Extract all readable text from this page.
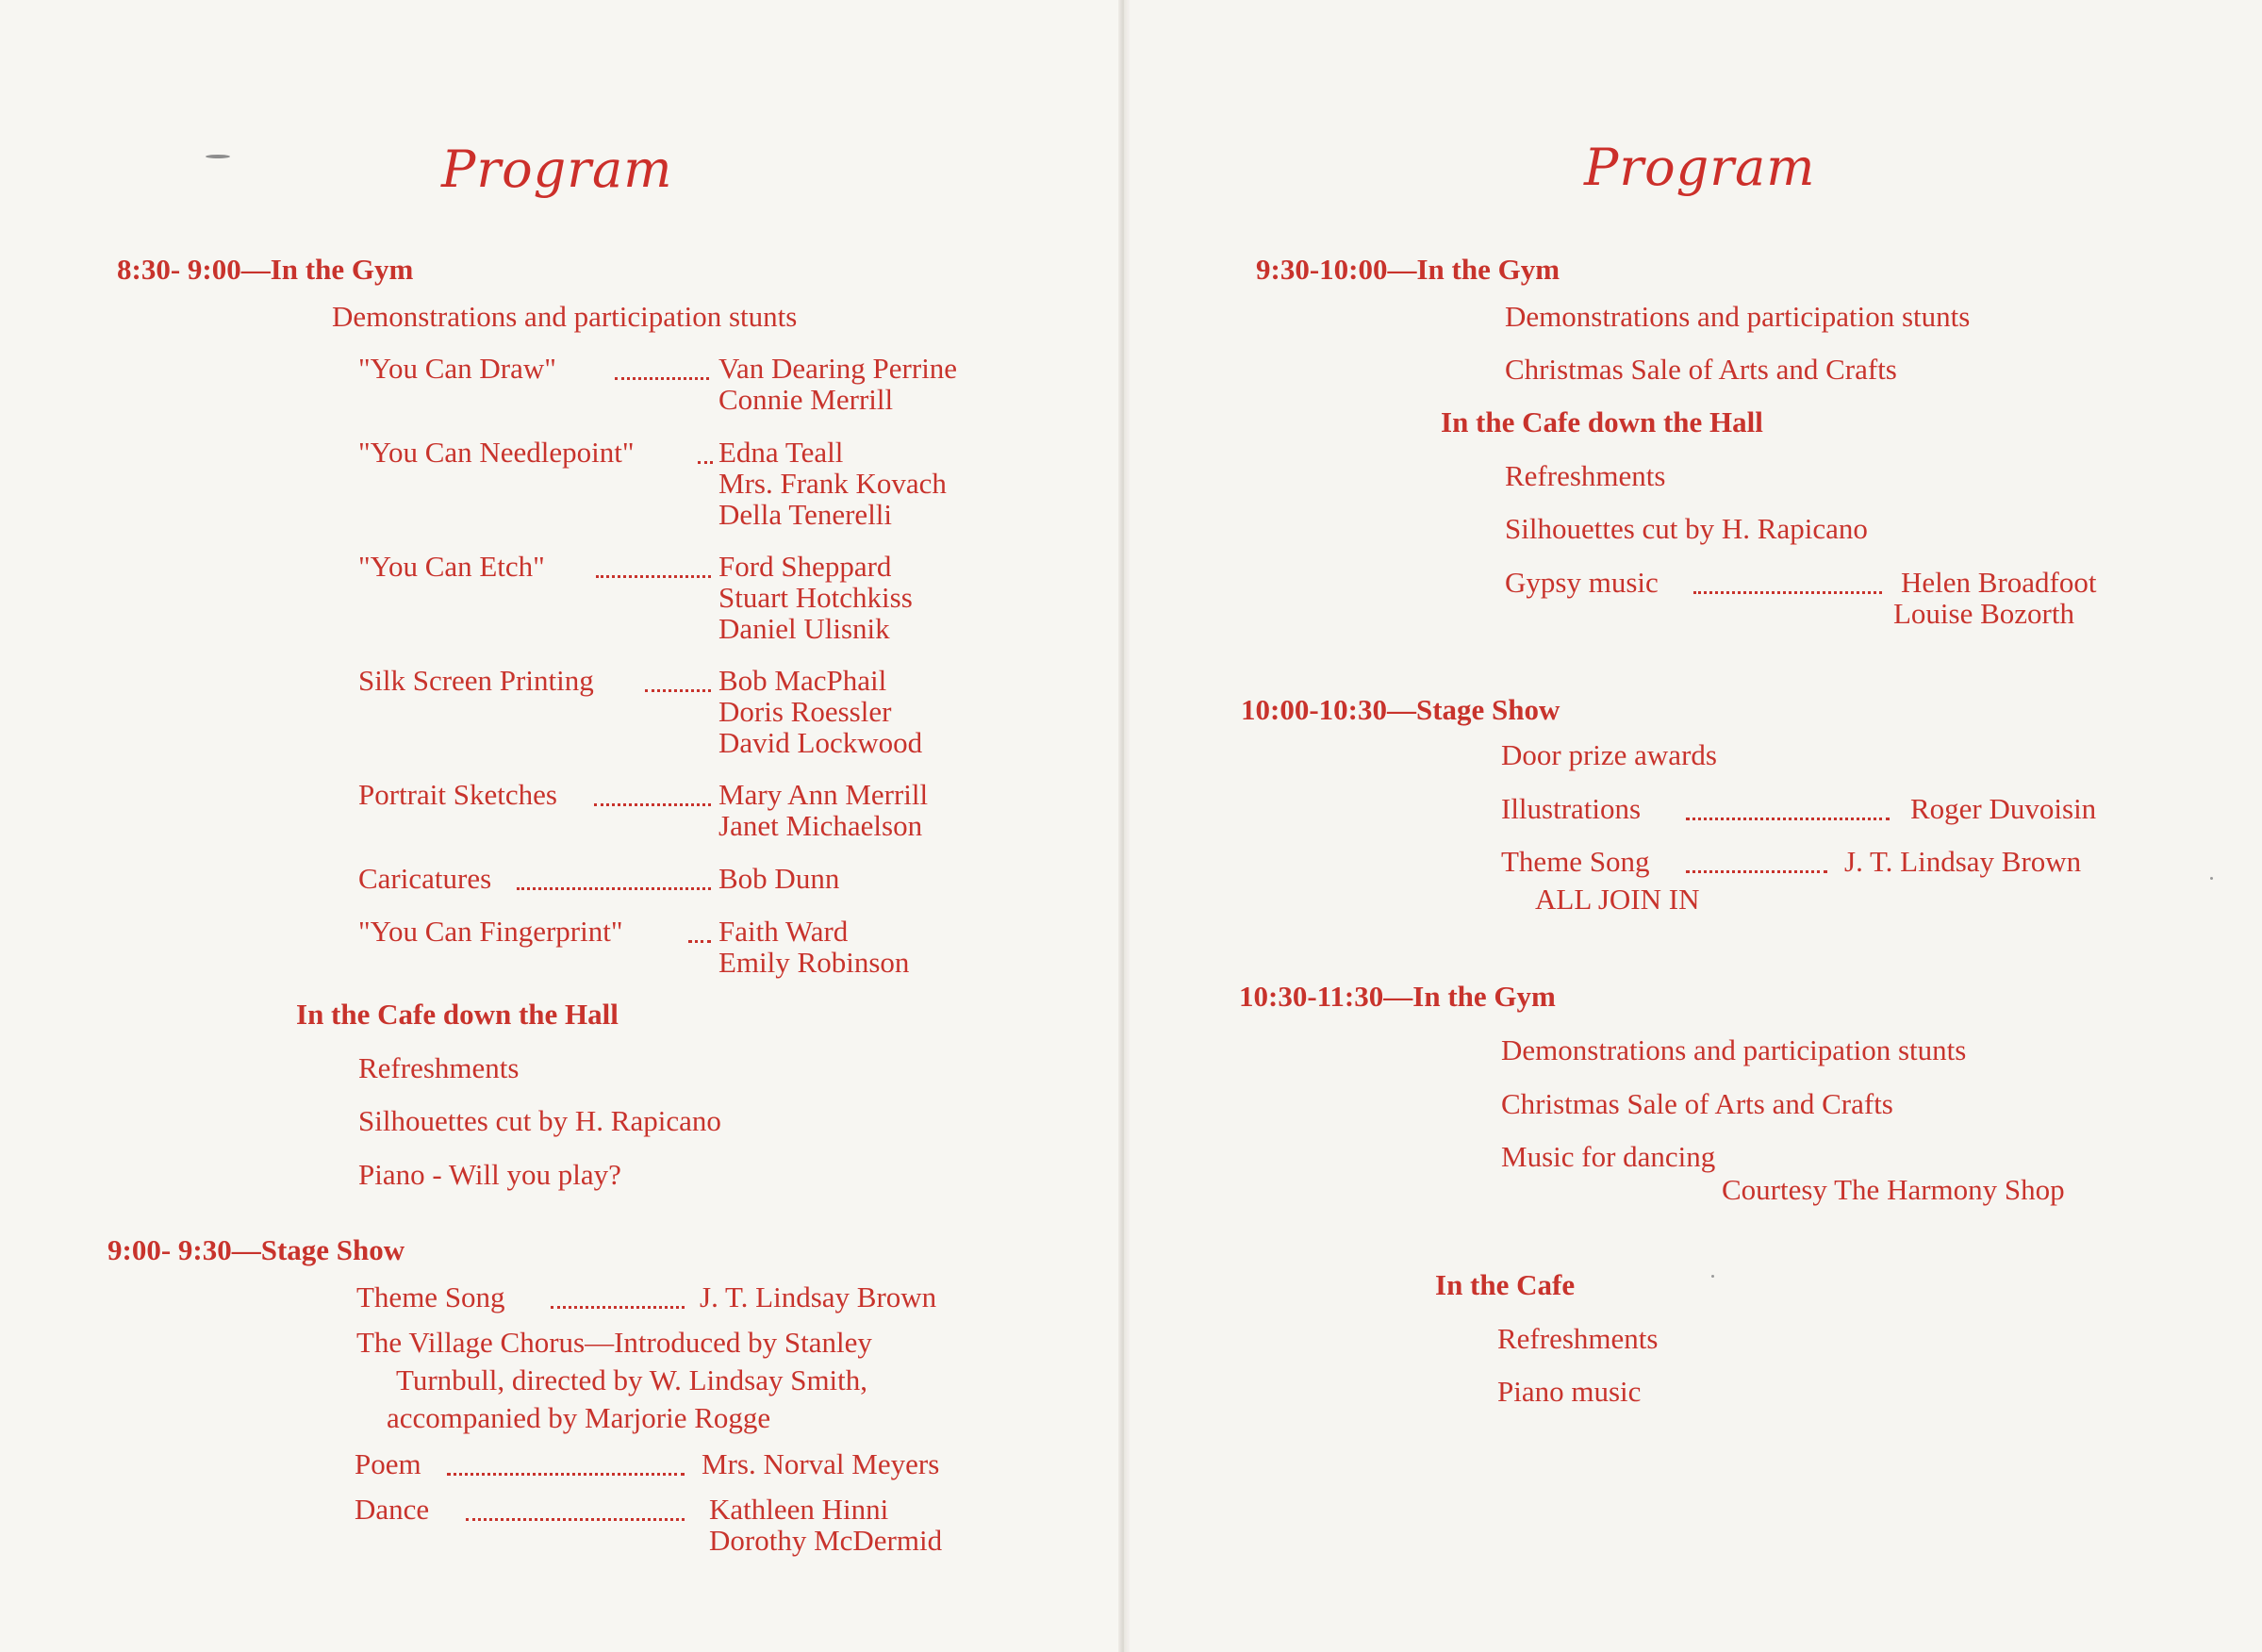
Program
8:30- 9:00—In the Gym
Demonstrations and participation stunts
"You Can Draw"	Van Dearing Perrine
Connie Merrill
"You Can Needlepoint"	Edna Teall
Mrs. Frank Kovach
Della Tenerelli
"You Can Etch"	Ford Sheppard
Stuart Hotchkiss
Daniel Ulisnik
Silk Screen Printing	Bob MacPhail
Doris Roessler
David Lockwood
Portrait Sketches	Mary Ann Merrill
Janet Michaelson
Caricatures	Bob Dunn
"You Can Fingerprint"	Faith Ward
Emily Robinson
In the Cafe down the Hall
Refreshments
Silhouettes cut by H. Rapicano
Piano - Will you play?
9:00- 9:30—Stage Show
Theme Song	J. T. Lindsay Brown
The Village Chorus—Introduced by Stanley
Turnbull, directed by W. Lindsay Smith,
accompanied by Marjorie Rogge
Poem	Mrs. Norval Meyers
Dance	Kathleen Hinni
Dorothy McDermid
Program
9:30-10:00—In the Gym
Demonstrations and participation stunts
Christmas Sale of Arts and Crafts
In the Cafe down the Hall
Refreshments
Silhouettes cut by H. Rapicano
Gypsy music	Helen Broadfoot
Louise Bozorth
10:00-10:30—Stage Show
Door prize awards
Illustrations	Roger Duvoisin
Theme Song	J. T. Lindsay Brown
ALL JOIN IN
10:30-11:30—In the Gym
Demonstrations and participation stunts
Christmas Sale of Arts and Crafts
Music for dancing
Courtesy The Harmony Shop
In the Cafe
Refreshments
Piano music
